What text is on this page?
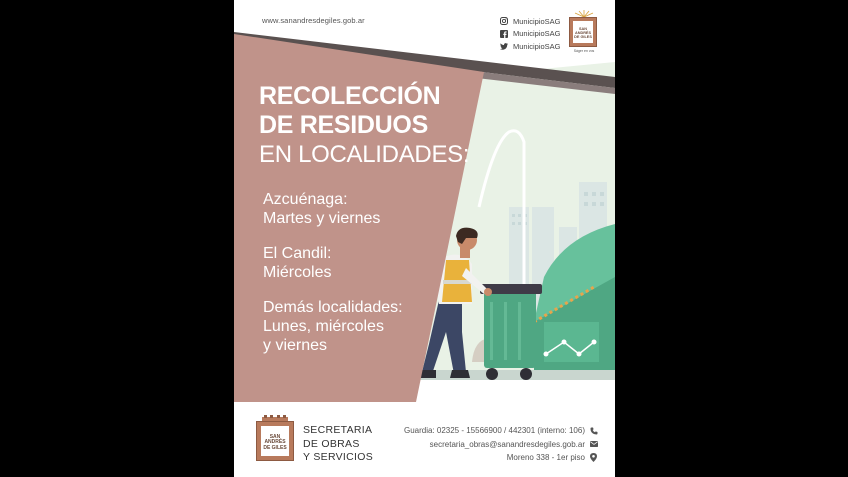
www.sanandresdegiles.gob.ar	MunicipioSAG
MunicipioSAG
MunicipioSAG
SAN
ANDRÉS
DE GILES
Ságer en vos
RECOLECCIÓN
DE RESIDUOS
EN LOCALIDADES:
Azcuénaga:
Martes y viernes
El Candil:
Miércoles
Demás localidades:
Lunes, miércoles
y viernes
SAN
ANDRÉS
DE GILES
SECRETARIA
DE OBRAS
Y SERVICIOS
Guardia: 02325 - 15566900 / 442301 (interno: 106)
secretaria_obras@sanandresdegiles.gob.ar
Moreno 338 - 1er piso
